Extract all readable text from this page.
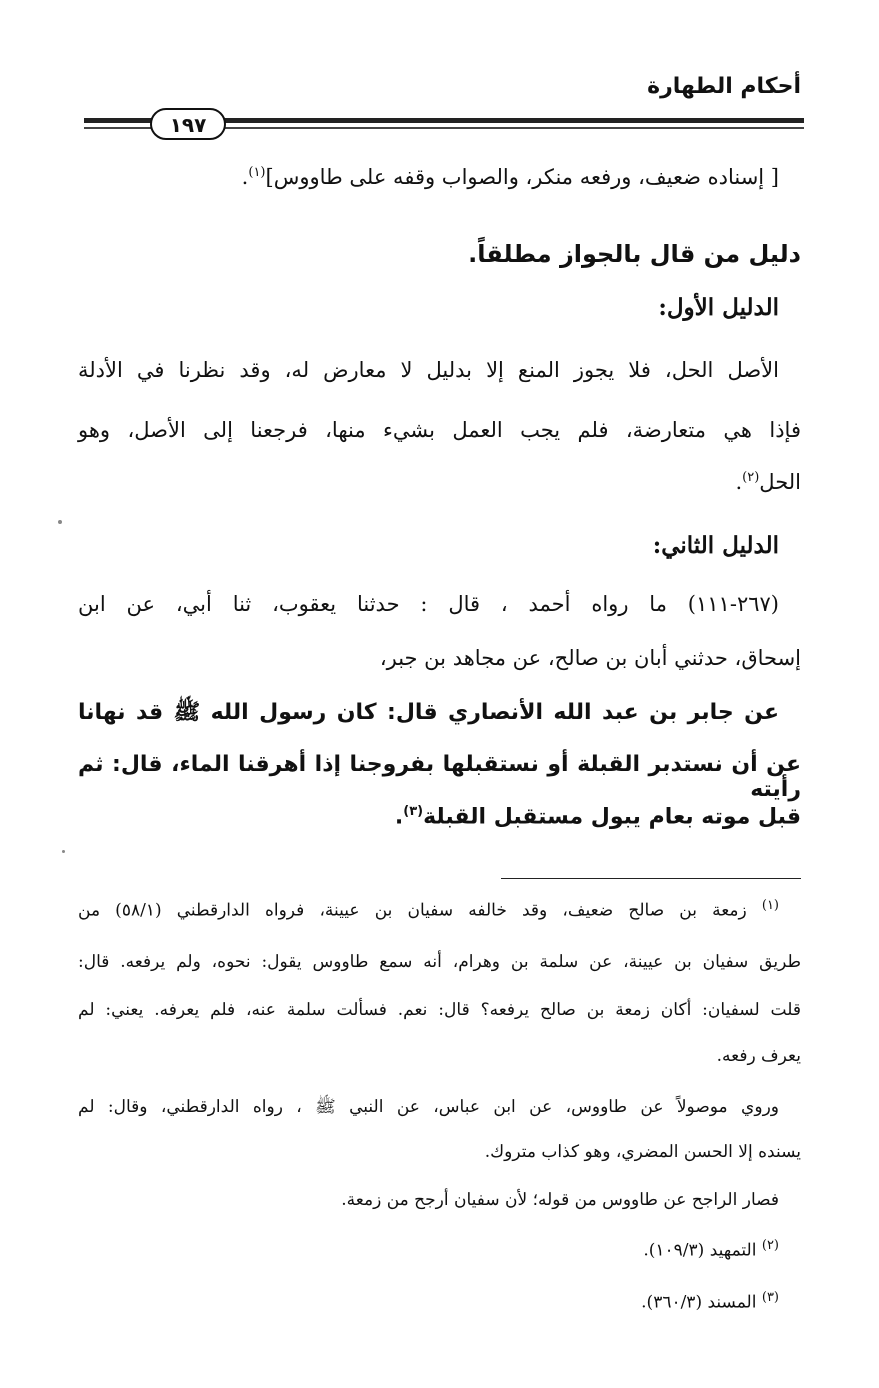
أحكام الطهارة
١٩٧
[ إسناده ضعيف، ورفعه منكر، والصواب وقفه على طاووس]$^{(١)}$.
دليل من قال بالجواز مطلقاً.
الدليل الأول:
الأصل الحل، فلا يجوز المنع إلا بدليل لا معارض له، وقد نظرنا في الأدلة
فإذا هي متعارضة، فلم يجب العمل بشيء منها، فرجعنا إلى الأصل، وهو
الحل$^{(٢)}$.
الدليل الثاني:
(٢٦٧-١١١) ما رواه أحمد ، قال : حدثنا يعقوب، ثنا أبي، عن ابن
إسحاق، حدثني أبان بن صالح، عن مجاهد بن جبر،
عن جابر بن عبد الله الأنصاري قال: كان رسول الله ﷺ قد نهانا
عن أن نستدبر القبلة أو نستقبلها بفروجنا إذا أهرقنا الماء، قال: ثم رأيته
قبل موته بعام يبول مستقبل القبلة$^{(٣)}$.
$^{(١)}$ زمعة بن صالح ضعيف، وقد خالفه سفيان بن عيينة، فرواه الدارقطني (٥٨/١) من
طريق سفيان بن عيينة، عن سلمة بن وهرام، أنه سمع طاووس يقول: نحوه، ولم يرفعه. قال:
قلت لسفيان: أكان زمعة بن صالح يرفعه؟ قال: نعم. فسألت سلمة عنه، فلم يعرفه. يعني: لم
يعرف رفعه.
وروي موصولاً عن طاووس، عن ابن عباس، عن النبي ﷺ ، رواه الدارقطني، وقال: لم
يسنده إلا الحسن المضري، وهو كذاب متروك.
فصار الراجح عن طاووس من قوله؛ لأن سفيان أرجح من زمعة.
$^{(٢)}$ التمهيد (١٠٩/٣).
$^{(٣)}$ المسند (٣٦٠/٣).
